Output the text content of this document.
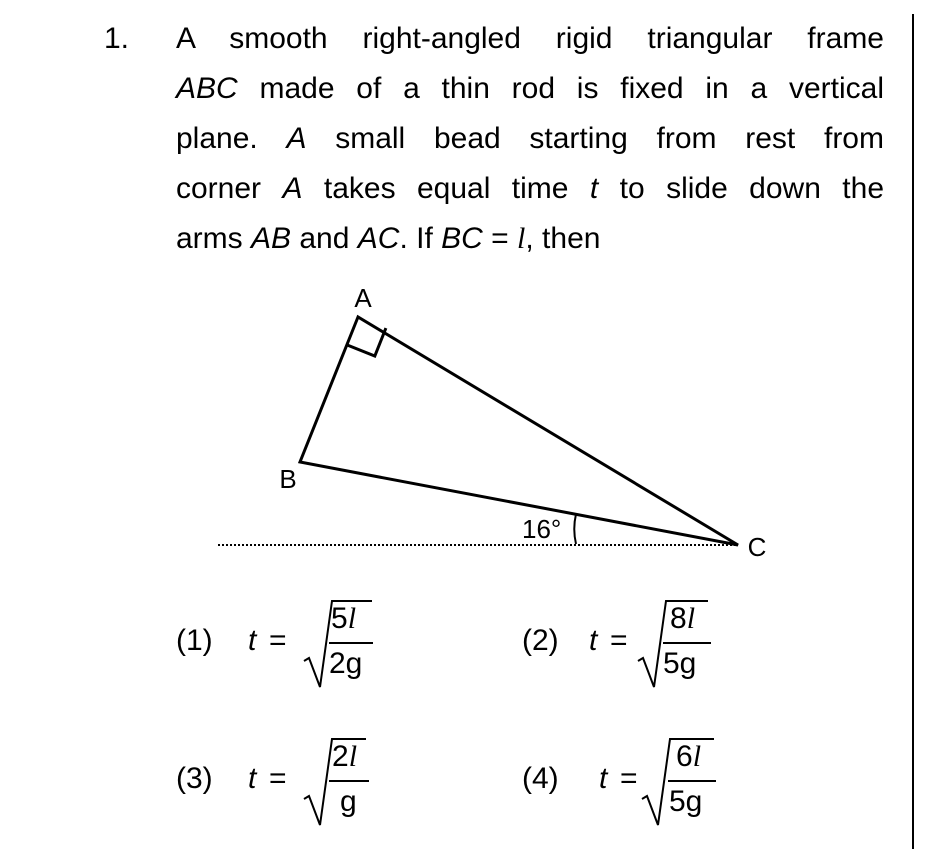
1. A smooth right-angled rigid triangular frame
ABC made of a thin rod is fixed in a vertical
plane. A small bead starting from rest from
corner A takes equal time t to slide down the
arms AB and AC. If BC = l, then
A
B
C
16°
(1) t =
5l
2g
(2) t =
8l
5g
(3) t =
2l
g
(4) t =
6l
5g
